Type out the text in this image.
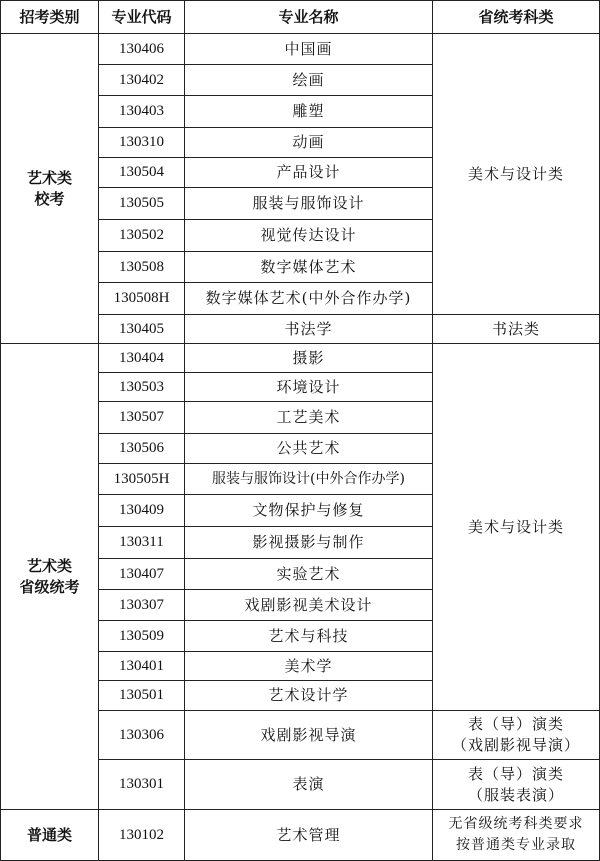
招考类别	专业代码	专业名称	省统考科类
艺术类
校考	130406	中国画	美术与设计类
	130402	绘画	
	130403	雕塑	
	130310	动画	
	130504	产品设计	
	130505	服装与服饰设计	
	130502	视觉传达设计	
	130508	数字媒体艺术	
	130508H	数字媒体艺术(中外合作办学)	
	130405	书法学	书法类
艺术类
省级统考	130404	摄影	美术与设计类
	130503	环境设计	
	130507	工艺美术	
	130506	公共艺术	
	130505H	服装与服饰设计(中外合作办学)	
	130409	文物保护与修复	
	130311	影视摄影与制作	
	130407	实验艺术	
	130307	戏剧影视美术设计	
	130509	艺术与科技	
	130401	美术学	
	130501	艺术设计学	
	130306	戏剧影视导演	表（导）演类
（戏剧影视导演）
	130301	表演	表（导）演类
（服装表演）
普通类	130102	艺术管理	无省级统考科类要求
按普通类专业录取
